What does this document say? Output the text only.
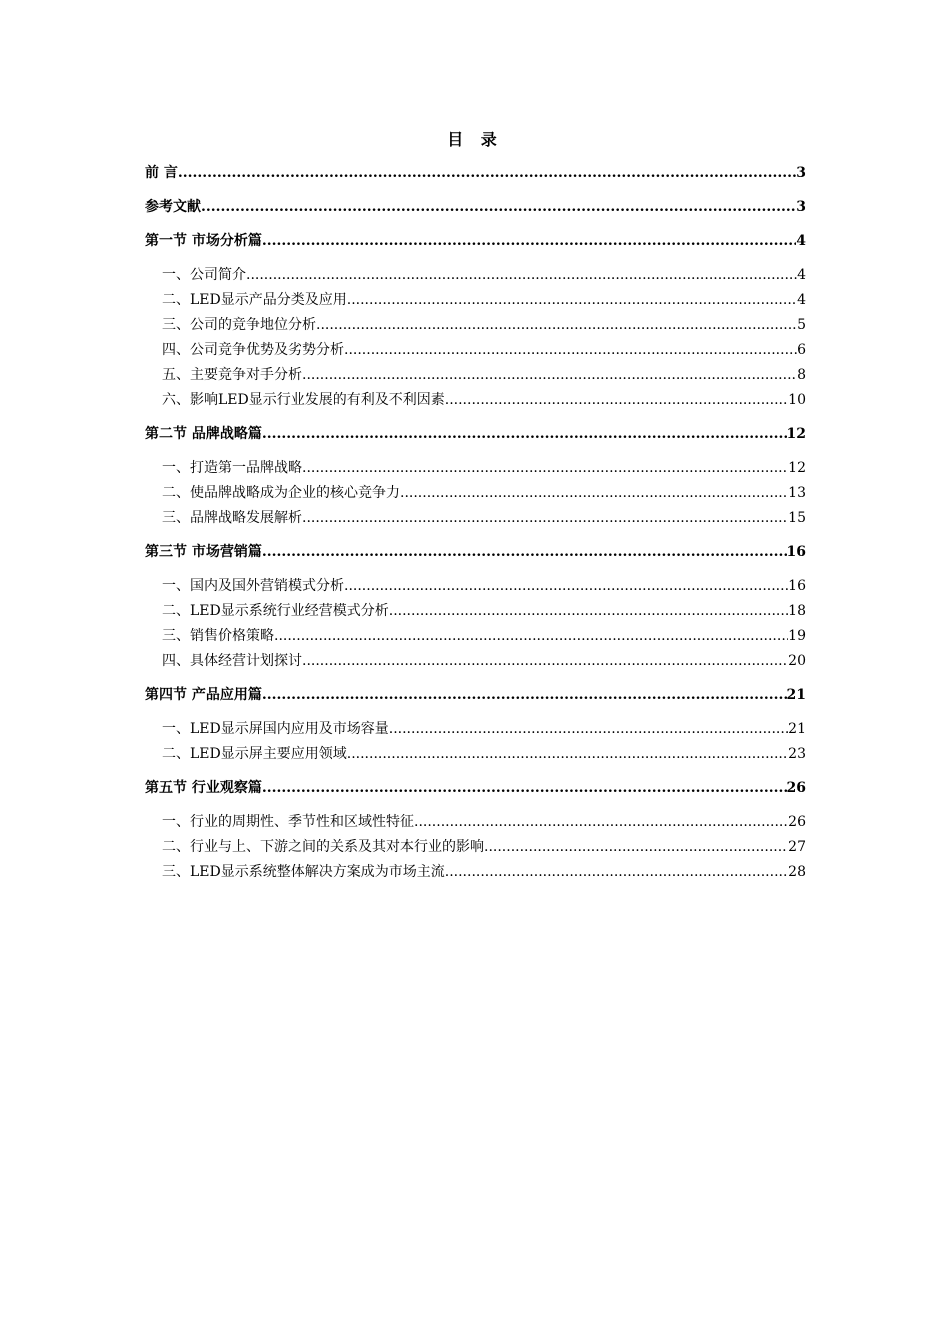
目 录
前 言 .....	3
参考文献 .....	3
第一节 市场分析篇 .....	4
一、公司简介 .....	4
二、LED显示产品分类及应用 .....	4
三、公司的竞争地位分析 .....	5
四、公司竞争优势及劣势分析 .....	6
五、主要竞争对手分析 .....	8
六、影响LED显示行业发展的有利及不利因素 .....	10
第二节 品牌战略篇 .....	12
一、打造第一品牌战略 .....	12
二、使品牌战略成为企业的核心竞争力 .....	13
三、品牌战略发展解析 .....	15
第三节 市场营销篇 .....	16
一、国内及国外营销模式分析 .....	16
二、LED显示系统行业经营模式分析 .....	18
三、销售价格策略 .....	19
四、具体经营计划探讨 .....	20
第四节 产品应用篇 .....	21
一、LED显示屏国内应用及市场容量 .....	21
二、LED显示屏主要应用领域 .....	23
第五节 行业观察篇 .....	26
一、行业的周期性、季节性和区域性特征 .....	26
二、行业与上、下游之间的关系及其对本行业的影响 .....	27
三、LED显示系统整体解决方案成为市场主流 .....	28
